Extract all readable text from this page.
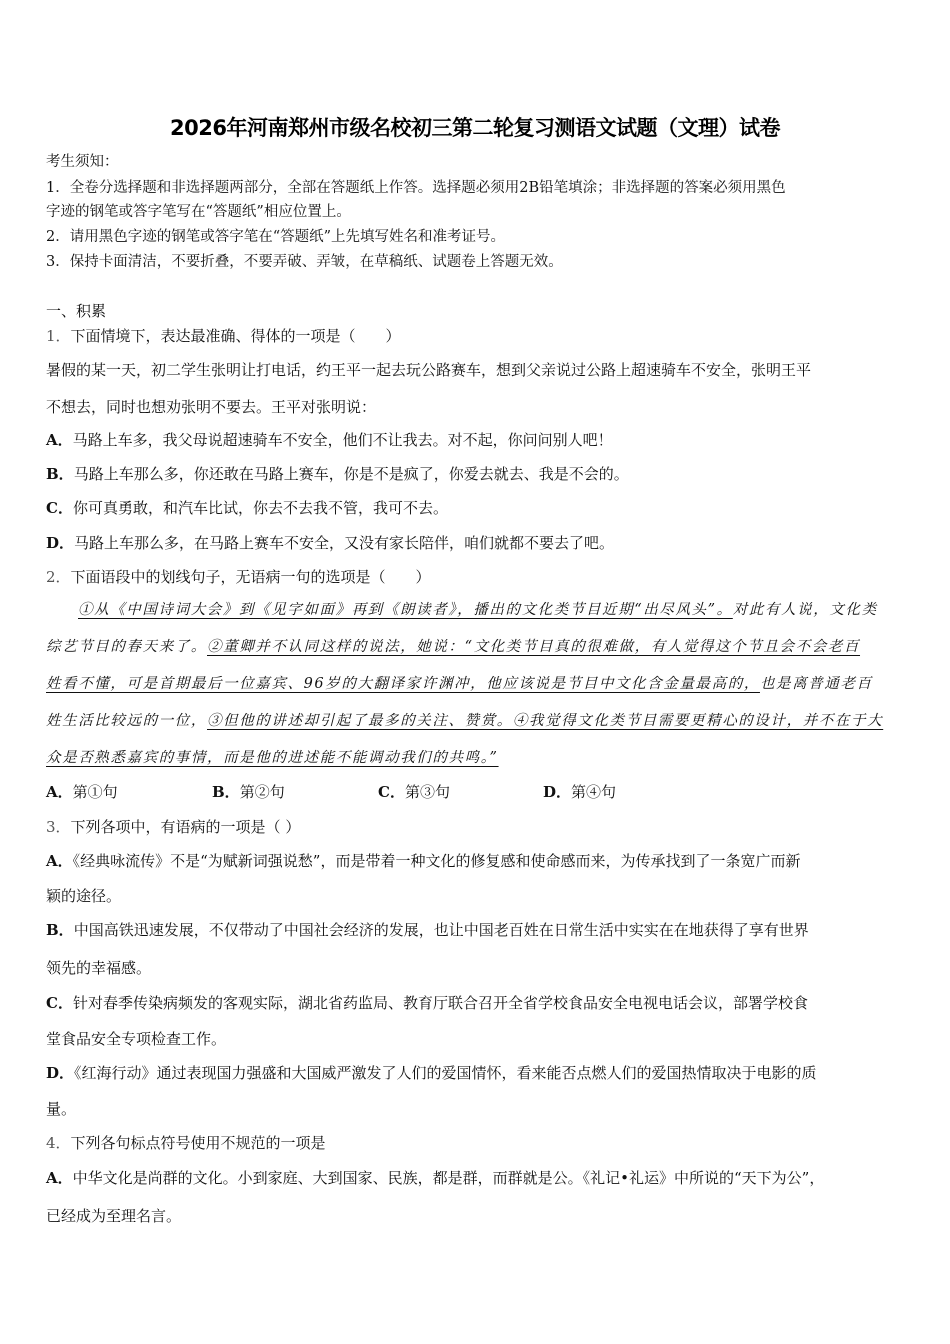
2026年河南郑州市级名校初三第二轮复习测语文试题（文理）试卷
考生须知：
1．全卷分选择题和非选择题两部分，全部在答题纸上作答。选择题必须用2B铅笔填涂；非选择题的答案必须用黑色
字迹的钢笔或答字笔写在“答题纸”相应位置上。
2．请用黑色字迹的钢笔或答字笔在“答题纸”上先填写姓名和准考证号。
3．保持卡面清洁，不要折叠，不要弄破、弄皱，在草稿纸、试题卷上答题无效。
一、积累
1．下面情境下，表达最准确、得体的一项是（　　）
暑假的某一天，初二学生张明让打电话，约王平一起去玩公路赛车，想到父亲说过公路上超速骑车不安全，张明王平
不想去，同时也想劝张明不要去。王平对张明说：
A．马路上车多，我父母说超速骑车不安全，他们不让我去。对不起，你问问别人吧！
B．马路上车那么多，你还敢在马路上赛车，你是不是疯了，你爱去就去、我是不会的。
C．你可真勇敢，和汽车比试，你去不去我不管，我可不去。
D．马路上车那么多，在马路上赛车不安全，又没有家长陪伴，咱们就都不要去了吧。
2．下面语段中的划线句子，无语病一句的选项是（　　）
①从《中国诗词大会》到《见字如面》再到《朗读者》，播出的文化类节目近期“出尽风头”。对此有人说，文化类
综艺节目的春天来了。②董卿并不认同这样的说法，她说：“文化类节目真的很难做，有人觉得这个节且会不会老百
姓看不懂，可是首期最后一位嘉宾、96岁的大翻译家许渊冲，他应该说是节目中文化含金量最高的，也是离普通老百
姓生活比较远的一位，③但他的讲述却引起了最多的关注、赞赏。④我觉得文化类节目需要更精心的设计，并不在于大
众是否熟悉嘉宾的事情，而是他的进述能不能调动我们的共鸣。”
A．第①句	B．第②句	C．第③句	D．第④句
3．下列各项中，有语病的一项是（ ）
A．《经典咏流传》不是“为赋新词强说愁”，而是带着一种文化的修复感和使命感而来，为传承找到了一条宽广而新
颖的途径。
B．中国高铁迅速发展，不仅带动了中国社会经济的发展，也让中国老百姓在日常生活中实实在在地获得了享有世界
领先的幸福感。
C．针对春季传染病频发的客观实际，湖北省药监局、教育厅联合召开全省学校食品安全电视电话会议，部署学校食
堂食品安全专项检查工作。
D．《红海行动》通过表现国力强盛和大国威严激发了人们的爱国情怀，看来能否点燃人们的爱国热情取决于电影的质
量。
4．下列各句标点符号使用不规范的一项是
A．中华文化是尚群的文化。小到家庭、大到国家、民族，都是群，而群就是公。《礼记•礼运》中所说的“天下为公”，
已经成为至理名言。
